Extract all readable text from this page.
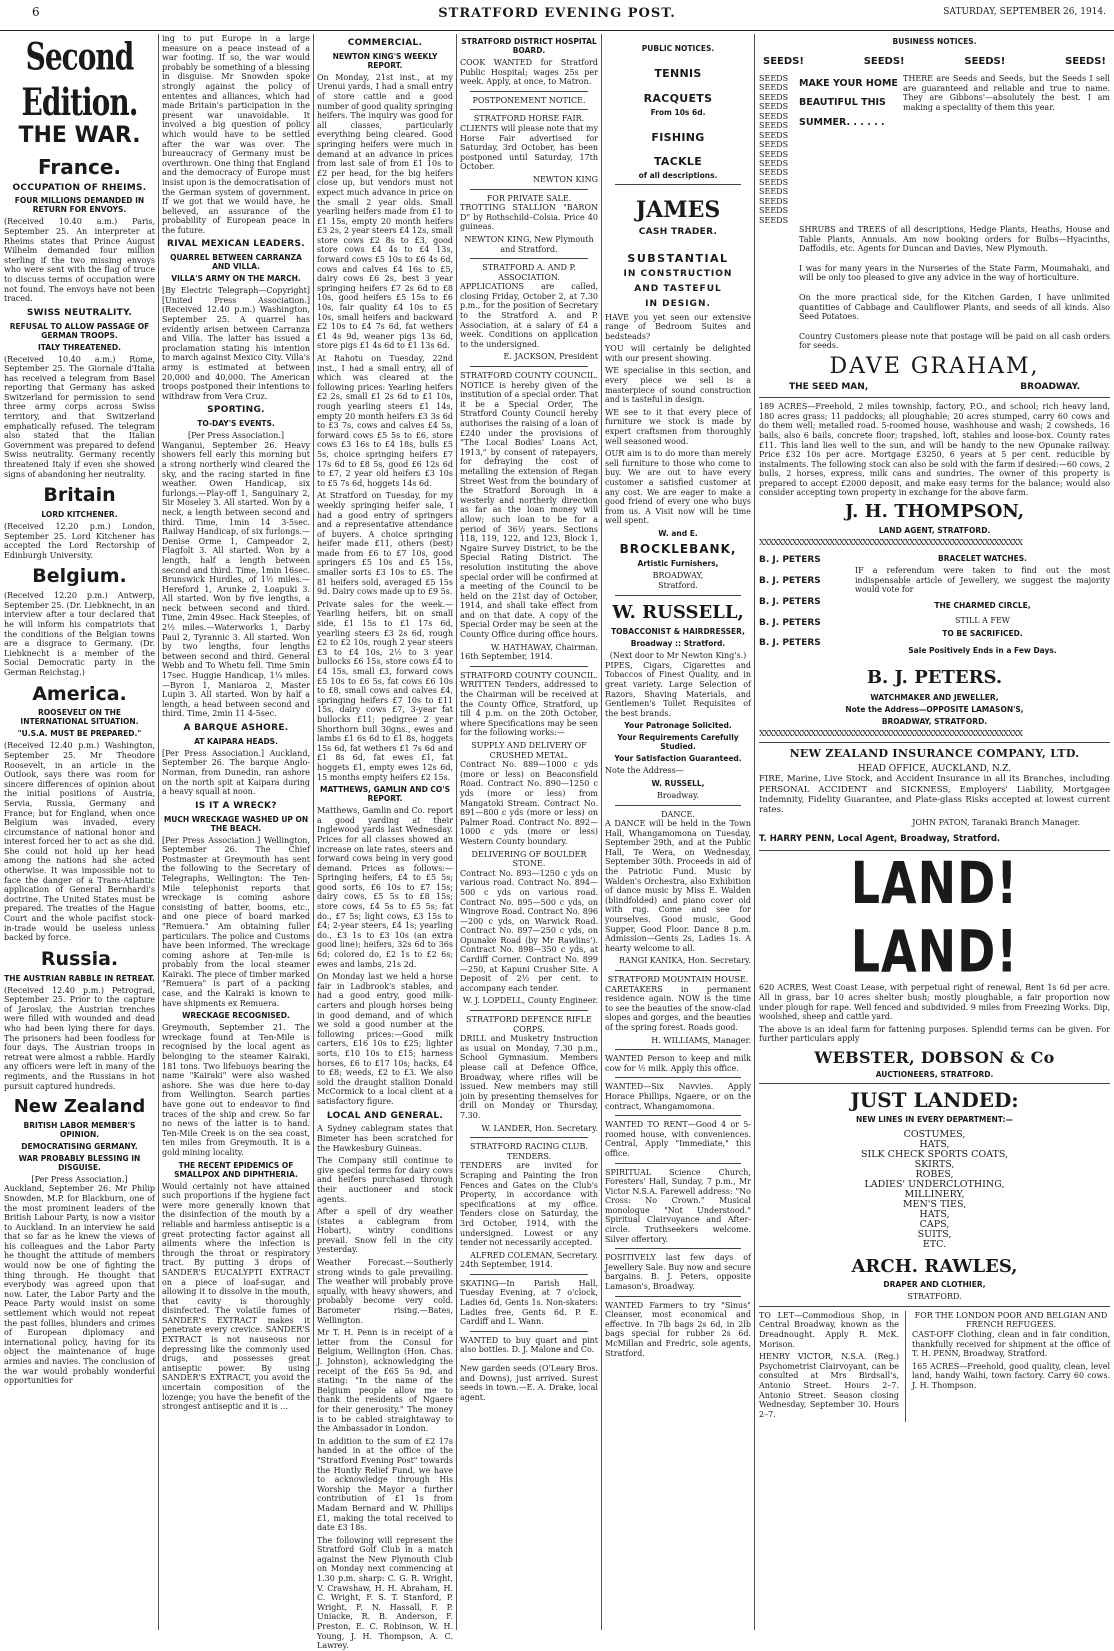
6	STRATFORD EVENING POST.	SATURDAY, SEPTEMBER 26, 1914.
Second Edition.
THE WAR.
France.
OCCUPATION OF RHEIMS.
FOUR MILLIONS DEMANDED IN RETURN FOR ENVOYS.

(Received 10.40 a.m.) Paris, September 25. An interpreter at Rheims states that Prince August Wilhelm demanded four million sterling if the two missing envoys who were sent with the flag of truce to discuss terms of occupation were not found. The envoys have not been traced.

SWISS NEUTRALITY.
REFUSAL TO ALLOW PASSAGE OF GERMAN TROOPS.
ITALY THREATENED.

(Received 10.40 a.m.) Rome, September 25. The Giornale d'Italia has received a telegram from Basel reporting that Germany has asked Switzerland for permission to send three army corps across Swiss territory, and that Switzerland emphatically refused. The telegram also stated that the Italian Government was prepared to defend Swiss neutrality. Germany recently threatened Italy if even she showed signs of abandoning her neutrality.

Britain
LORD KITCHENER.

(Received 12.20 p.m.) London, September 25. Lord Kitchener has accepted the Lord Rectorship of Edinburgh University.

Belgium.

(Received 12.20 p.m.) Antwerp, September 25. (Dr. Liebknecht, in an interview after a tour declared that he will inform his compatriots that the conditions of the Belgian towns are a disgrace to Germany. (Dr. Liebknecht is a member of the Social Democratic party in the German Reichstag.)

America.
ROOSEVELT ON THE INTERNATIONAL SITUATION.
"U.S.A. MUST BE PREPARED."

(Received 12.40 p.m.) Washington, September 25. Mr Theodore Roosevelt, in an article in the Outlook, says there was room for sincere differences of opinion about the initial positions of Austria, Servia, Russia, Germany and France; but for England, when once Belgium was invaded, every circumstance of national honor and interest forced her to act as she did. She could not hold up her head among the nations had she acted otherwise. It was impossible not to face the danger of a Trans-Atlantic application of General Bernhardi's doctrine. The United States must be prepared. The treaties of the Hague Court and the whole pacifist stock-in-trade would be useless unless backed by force.

Russia.
THE AUSTRIAN RABBLE IN RETREAT.

(Received 12.40 p.m.) Petrograd, September 25. Prior to the capture of Jaroslav, the Austrian trenches were filled with wounded and dead who had been lying there for days. The prisoners had been foodless for four days. The Austrian troops in retreat were almost a rabble. Hardly any officers were left in many of the regiments, and the Russians in hot pursuit captured hundreds.

New Zealand
BRITISH LABOR MEMBER'S OPINION.
DEMOCRATISING GERMANY.
WAR PROBABLY BLESSING IN DISGUISE.
[Per Press Association.]

Auckland, September 26. Mr Philip Snowden, M.P. for Blackburn, one of the most prominent leaders of the British Labour Party, is now a visitor to Auckland. In an interview he said that so far as he knew the views of his colleagues and the Labor Party he thought the attitude of members would now be one of fighting the thing through. He thought that everybody was agreed upon that now. Later, the Labor Party and the Peace Party would insist on some settlement which would not repeat the past follies, blunders and crimes of European diplomacy and international policy, having for its object the maintenance of huge armies and navies. The conclusion of the war would probably wonderful opportunities for

ing to put Europe in a large measure on a peace instead of a war footing. If so, the war would probably be something of a blessing in disguise. Mr Snowden spoke strongly against the policy of ententes and alliances, which had made Britain's participation in the present war unavoidable. It involved a big question of policy which would have to be settled after the war was over. The bureaucracy of Germany must be overthrown. One thing that England and the democracy of Europe must insist upon is the democratisation of the German system of government. If we got that we would have, he believed, an assurance of the probability of European peace in the future.

RIVAL MEXICAN LEADERS.
QUARREL BETWEEN CARRANZA AND VILLA.
VILLA'S ARMY ON THE MARCH.

[By Electric Telegraph—Copyright] [United Press Association.] (Received 12.40 p.m.) Washington, September 25. A quarrel has evidently arisen between Carranza and Villa. The latter has issued a proclamation stating his intention to march against Mexico City. Villa's army is estimated at between 20,000 and 40,000. The American troops postponed their intentions to withdraw from Vera Cruz.

SPORTING.
TO-DAY'S EVENTS.
[Per Press Association.]

Wanganui, September 26. Heavy showers fell early this morning but a strong northerly wind cleared the sky, and the racing started in fine weather. Owen Handicap, six furlongs.—Play-off 1, Sanguinary 2, Sir Moseley 3. All started. Won by a neck, a length between second and third. Time, 1min 14 3-5sec. Railway Handicap, of six furlongs.—Denise Orme 1, Campeador 2, Flagfolt 3. All started. Won by a length, half a length between second and third. Time, 1min 16sec. Brunswick Hurdles, of 1½ miles.—Hereford 1, Arunke 2, Loapuki 3. All started. Won by five lengths, a neck between second and third. Time, 2min 49sec. Hack Steeples, of 2½ miles.—Waterworks 1, Darby Paul 2, Tyrannic 3. All started. Won by two lengths, four lengths between second and third. General Webb and To Whetu fell. Time 5min 17sec. Huggie Handicap, 1¼ miles.—Byron 1, Maniaroa 2, Master Lupin 3. All started. Won by half a length, a head between second and third. Time, 2min 11 4-5sec.

A BARQUE ASHORE.
AT KAIPARA HEADS.

[Per Press Association.] Auckland, September 26. The barque Anglo-Norman, from Dunedin, ran ashore on the north spit at Kaipara during a heavy squall at noon.

IS IT A WRECK?
MUCH WRECKAGE WASHED UP ON THE BEACH.

[Per Press Association.] Wellington, September 26. The Chief Postmaster at Greymouth has sent the following to the Secretary of Telegraphs, Wellington: The Ten-Mile telephonist reports that wreckage is coming ashore consisting of batter, booms, etc., and one piece of board marked "Remuera." Am obtaining fuller particulars. The police and Customs have been informed. The wreckage coming ashore at Ten-mile is probably from the local steamer Kairaki. The piece of timber marked "Remuera" is part of a packing case, and the Kairaki is known to have shipments ex Remuera.

WRECKAGE RECOGNISED.

Greymouth, September 21. The wreckage found at Ten-Mile is recognised by the local agent as belonging to the steamer Kairaki, 181 tons. Two lifebuoys bearing the name "Kairaki" were also washed ashore. She was due here to-day from Wellington. Search parties have gone out to endeavor to find traces of the ship and crew. So far no news of the latter is to hand. Ten-Mile Creek is on the sea coast, ten miles from Greymouth. It is a gold mining locality.

THE RECENT EPIDEMICS OF SMALLPOX AND DIPHTHERIA.

Would certainly not have attained such proportions if the hygiene fact were more generally known that the disinfection of the mouth by a reliable and harmless antiseptic is a great protecting factor against all ailments where the infection is through the throat or respiratory tract. By putting 3 drops of SANDER'S EUCALYPTI EXTRACT on a piece of loaf-sugar, and allowing it to dissolve in the mouth, that cavity is thoroughly disinfected. The volatile fumes of SANDER'S EXTRACT makes it penetrate every crevice. SANDER'S EXTRACT is not nauseous nor depressing like the commonly used drugs, and possesses great antiseptic power. By using SANDER'S EXTRACT, you avoid the uncertain composition of the lozenge; you have the benefit of the strongest antiseptic and it is ...

COMMERCIAL.
NEWTON KING'S WEEKLY REPORT.

On Monday, 21st inst., at my Urenui yards, I had a small entry of store cattle and a good number of good quality springing heifers. The inquiry was good for all classes, particularly everything being cleared. Good springing heifers were much in demand at an advance in prices from last sale of from £1 10s to £2 per head, for the big heifers close up, but vendors must not expect much advance in price on the small 2 year olds. Small yearling heifers made from £1 to £1 15s, empty 20 month heifers £3 2s, 2 year steers £4 12s, small store cows £2 8s to £3, good store cows £4 4s to £4 13s, forward cows £5 10s to £6 4s 6d, cows and calves £4 16s to £5, dairy cows £6 2s, best 3 year springing heifers £7 2s 6d to £8 10s, good heifers £5 15s to £6 10s, fair quality £4 10s to £5 10s, small heifers and backward £2 10s to £4 7s 6d, fat wethers £1 4s 9d, weaner pigs 13s 6d, store pigs £1 4s 6d to £1 13s 6d.

At Rahotu on Tuesday, 22nd inst., I had a small entry, all of which was cleared at the following prices: Yearling heifers £2 2s, small £1 2s 6d to £1 10s, rough yearling steers £1 14s, empty 20 month heifers £3 3s 6d to £3 7s, cows and calves £4 5s, forward cows £5 5s to £6, store cows £3 16s to £4 18s, bulls £5 5s, choice springing heifers £7 17s 6d to £8 5s, good £6 12s 6d to £7, 2 year old heifers £3 10s to £5 7s 6d, hoggets 14s 6d.

At Stratford on Tuesday, for my weekly springing heifer sale, I had a good entry of springers and a representative attendance of buyers. A choice springing heifer made £11, others (best) made from £6 to £7 10s, good springers £5 10s and £5 15s, smaller sorts £3 10s to £5. The 81 heifers sold, averaged £5 15s 9d. Dairy cows made up to £9 5s.

Private sales for the week.—Yearling heifers, bit on small side, £1 15s to £1 17s 6d, yearling steers £3 2s 6d, rough £2 to £2 10s, rough 2 year steers £3 to £4 10s, 2½ to 3 year bullocks £6 15s, store cows £4 to £4 15s, small £3, forward cows £5 10s to £6 5s, fat cows £6 10s to £8, small cows and calves £4, springing heifers £7 10s to £11 15s, dairy cows £7, 3-year fat bullocks £11; pedigree 2 year Shorthorn bull 30gns., ewes and lambs £1 6s 6d to £1 8s, hoggets 15s 6d, fat wethers £1 7s 6d and £1 8s 6d, fat ewes £1, fat hoggets £1, empty ewes 12s 6d, 15 months empty heifers £2 15s.

MATTHEWS, GAMLIN AND CO'S REPORT.

Matthews, Gamlin and Co. report a good yarding at their Inglewood yards last Wednesday. Prices for all classes showed an increase on late rates, steers and forward cows being in very good demand. Prices as follows:—Springing heifers, £4 to £5 5s; good sorts, £6 10s to £7 15s; dairy cows, £5 5s to £8 15s; store cows, £4 5s to £5 5s; fat do., £7 5s; light cows, £3 15s to £4; 2-year steers, £4 1s; yearling do., £3 1s to £3 10s (an extra good line); heifers, 32s 6d to 36s 6d; colored do, £2 1s to £2 6s; ewes and lambs, 21s 2d.

On Monday last we held a horse fair in Ladbrook's stables, and had a good entry, good milk-carters and plough horses being in good demand, and of which we sold a good number at the following prices:—Good milk carters, £16 10s to £25; lighter sorts, £10 10s to £15; harness horses, £6 to £17 10s; hacks, £4 to £8; weeds, £2 to £3. We also sold the draught stallion Donald McCormick to a local client at a satisfactory figure.

LOCAL AND GENERAL.

A Sydney cablegram states that Bimeter has been scratched for the Hawkesbury Guineas.

The Company still continue to give special terms for dairy cows and heifers purchased through their auctioneer and stock agents.

After a spell of dry weather (states a cablegram from Hobart), wintry conditions prevail. Snow fell in the city yesterday.

Weather Forecast.—Southerly strong winds to gale prevailing. The weather will probably prove squally, with heavy showers, and probably become very cold. Barometer rising.—Bates, Wellington.

Mr T. H. Penn is in receipt of a letter from the Consul for Belgium, Wellington (Hon. Chas. J. Johnston), acknowledging the receipt of the £65 5s 9d, and stating: "In the name of the Belgium people allow me to thank the residents of Ngaere for their generosity." The money is to be cabled straightaway to the Ambassador in London.

In addition to the sum of £2 17s handed in at the office of the "Stratford Evening Post" towards the Huntly Relief Fund, we have to acknowledge through His Worship the Mayor a further contribution of £1 1s from Madam Bernard and W. Phillips £1, making the total received to date £3 18s.

The following will represent the Stratford Golf Club in a match against the New Plymouth Club on Monday next commencing at 1.30 p.m. sharp: C. G. R. Wright, V. Crawshaw, H. H. Abraham, H. C. Wright, F. S. T. Stanford, P. Wright, F. N. Hassall, F. P. Uniacke, R. B. Anderson, F. Preston, E. C. Robinson, W. H. Young, J. H. Thompson, A. C. Lawrey.

STRATFORD DISTRICT HOSPITAL BOARD.

COOK WANTED for Stratford Public Hospital; wages 25s per week. Apply, at once, to Matron.

POSTPONEMENT NOTICE.
STRATFORD HORSE FAIR.

CLIENTS will please note that my Horse Fair advertised for Saturday, 3rd October, has been postponed until Saturday, 17th October.

NEWTON KING
FOR PRIVATE SALE.

TROTTING STALLION "BARON D" by Rothschild–Colsia. Price 40 guineas.

NEWTON KING, New Plymouth and Stratford.
STRATFORD A. AND P. ASSOCIATION.

APPLICATIONS are called, closing Friday, October 2, at 7.30 p.m., for the position of Secretary to the Stratford A. and P. Association, at a salary of £4 a week. Conditions on application to the undersigned.

E. JACKSON, President
STRATFORD COUNTY COUNCIL.

NOTICE is hereby given of the institution of a special order. That it be a Special Order, The Stratford County Council hereby authorises the raising of a loan of £240 under the provisions of "The Local Bodies' Loans Act, 1913," by consent of ratepayers, for defraying the cost of metalling the extension of Regan Street West from the boundary of the Stratford Borough in a westerly and northerly direction as far as the loan money will allow; such loan to be for a period of 36½ years. Sections 118, 119, 122, and 123, Block 1, Ngaire Survey District, to be the Special Rating District. The resolution instituting the above special order will be confirmed at a meeting of the Council to be held on the 21st day of October, 1914, and shall take effect from and on that date. A copy of the Special Order may be seen at the County Office during office hours.

W. HATHAWAY, Chairman.
16th September, 1914.
STRATFORD COUNTY COUNCIL.

WRITTEN Tenders, addressed to the Chairman will be received at the County Office, Stratford, up till 4 p.m. on the 20th October, where Specifications may be seen for the following works:—

SUPPLY AND DELIVERY OF CRUSHED METAL.

Contract No. 889—1000 c yds (more or less) on Beaconsfield Road. Contract No. 890—1250 c yds (more or less) from Mangatoki Stream. Contract No. 891—800 c yds (more or less) on Palmer Road. Contract No. 892—1000 c yds (more or less) Western County boundary.

DELIVERING OF BOULDER STONE.

Contract No. 893—1250 c yds on various road. Contract No. 894—500 c yds on various road. Contract No. 895—500 c yds, on Wingrove Road. Contract No. 896—200 c yds, on Warwick Road. Contract No. 897—250 c yds, on Opunake Road (by Mr Rawlins'). Contract No. 898—350 c yds, at Cardiff Corner. Contract No. 899—250, at Kapuni Crusher Site. A Deposit of 2½ per cent. to accompany each tender.

W. J. LOPDELL, County Engineer.
STRATFORD DEFENCE RIFLE CORPS.

DRILL and Musketry Instruction as usual on Monday, 7.30 p.m., School Gymnasium. Members please call at Defence Office, Broadway, where rifles will be issued. New members may still join by presenting themselves for drill on Monday or Thursday, 7.30.

W. LANDER, Hon. Secretary.
STRATFORD RACING CLUB.
TENDERS.

TENDERS are invited for Scraping and Painting the Iron Fences and Gates on the Club's Property, in accordance with specifications at my office. Tenders close on Saturday, the 3rd October, 1914, with the undersigned. Lowest or any tender not necessarily accepted.

ALFRED COLEMAN, Secretary.
24th September, 1914.

SKATING—In Parish Hall, Tuesday Evening, at 7 o'clock, Ladies 6d, Gents 1s. Non-skaters: Ladies free, Gents 6d. P. E. Cardiff and L. Wann.

WANTED to buy quart and pint also bottles. D. J. Malone and Co.

New garden seeds (O'Leary Bros. and Downs), just arrived. Surest seeds in town.—E. A. Drake, local agent.

PUBLIC NOTICES.
TENNIS
RACQUETS
From 10s 6d.
FISHING
TACKLE
of all descriptions.
JAMES
CASH TRADER.
SUBSTANTIAL
IN CONSTRUCTION
AND TASTEFUL
IN DESIGN.

HAVE you yet seen our extensive range of Bedroom Suites and bedsteads?

YOU will certainly be delighted with our present showing.

WE specialise in this section, and every piece we sell is a masterpiece of sound construction and is tasteful in design.

WE see to it that every piece of furniture we stock is made by expert craftsmen from thoroughly well seasoned wood.

OUR aim is to do more than merely sell furniture to those who come to buy. We are out to have every customer a satisfied customer at any cost. We are eager to make a good friend of every one who buys from us. A Visit now will be time well spent.

W. and E.
BROCKLEBANK,
Artistic Furnishers,
BROADWAY,
Stratford.
W. RUSSELL,
TOBACCONIST & HAIRDRESSER,
Broadway :: Stratford.
(Next door to Mr Newton King's.)

PIPES, Cigars, Cigarettes and Tobaccos of Finest Quality, and in great variety. Large Selection of Razors, Shaving Materials, and Gentlemen's Toilet Requisites of the best brands.

Your Patronage Solicited.
Your Requirements Carefully Studied.
Your Satisfaction Guaranteed.
Note the Address—
W. RUSSELL,
Broadway.
DANCE.

A DANCE will be held in the Town Hall, Whangamomona on Tuesday, September 29th, and at the Public Hall, Te Wera, on Wednesday, September 30th. Proceeds in aid of the Patriotic Fund. Music by Walden's Orchestra, also Exhibition of dance music by Miss E. Walden (blindfolded) and piano cover old with rug. Come and see for yourselves. Good music, Good Supper, Good Floor. Dance 8 p.m. Admission—Gents 2s, Ladies 1s. A hearty welcome to all.

RANGI KANIKA, Hon. Secretary.
STRATFORD MOUNTAIN HOUSE.

CARETAKERS in permanent residence again. NOW is the time to see the beauties of the snow-clad slopes and gorges, and the beauties of the spring forest. Roads good.

H. WILLIAMS, Manager.

WANTED Person to keep and milk cow for ½ milk. Apply this office.

WANTED—Six Navvies. Apply Horace Phillips, Ngaere, or on the contract, Whangamomona.

WANTED TO RENT—Good 4 or 5-roomed house, with conveniences. Central, Apply "Immediate," this office.

SPIRITUAL Science Church, Foresters' Hall, Sunday, 7 p.m., Mr Victor N.S.A. Farewell address: "No Cross: No Crown." Musical monologue "Not Understood." Spiritual Clairvoyance and After-circle. Truthseekers welcome. Silver offertory.

POSITIVELY last few days of Jewellery Sale. Buy now and secure bargains. B. J. Peters, opposite Lamason's, Broadway.

WANTED Farmers to try "Sinus" Cleanser, most economical and effective. In 7lb bags 2s 6d, in 2lb bags special for rubber 2s 6d. McMillan and Fredric, sole agents, Stratford.

BUSINESS NOTICES.
SEEDS!	SEEDS!	SEEDS!	SEEDS!
SEEDS
SEEDS
SEEDS
SEEDS
SEEDS
SEEDS
SEEDS
SEEDS
SEEDS
SEEDS
SEEDS
SEEDS
SEEDS
SEEDS
SEEDS
SEEDS
MAKE YOUR HOME
BEAUTIFUL THIS
SUMMER. . . . . .

THERE are Seeds and Seeds, but the Seeds I sell are guaranteed and reliable and true to name. They are Gibbons'—absolutely the best. I am making a speciality of them this year.

SHRUBS and TREES of all descriptions, Hedge Plants, Heaths, House and Table Plants, Annuals. Am now booking orders for Bulbs—Hyacinths, Daffodils, etc. Agents for Duncan and Davies, New Plymouth.

I was for many years in the Nurseries of the State Farm, Moumahaki, and will be only too pleased to give any advice in the way of horticulture.

On the more practical side, for the Kitchen Garden, I have unlimited quantities of Cabbage and Cauliflower Plants, and seeds of all kinds. Also Seed Potatoes.

Country Customers please note that postage will be paid on all cash orders for seeds.

DAVE GRAHAM,
THE SEED MAN,	BROADWAY.

189 ACRES—Freehold, 2 miles township, factory, P.O., and school; rich heavy land, 180 acres grass; 11 paddocks; all ploughable; 20 acres stumped, carry 60 cows and do them well; metalled road. 5-roomed house, washhouse and wash; 2 cowsheds, 16 bails, also 6 bails, concrete floor; trapshed, loft, stables and loose-box. County rates £11. This land lies well to the sun, and will be handy to the new Opunake railway. Price £32 10s per acre. Mortgage £3250, 6 years at 5 per cent. reducible by instalments. The following stock can also be sold with the farm if desired:—60 cows, 2 bulls, 2 horses, express, milk cans and sundries. The owner of this property is prepared to accept £2000 deposit, and make easy terms for the balance; would also consider accepting town property in exchange for the above farm.

J. H. THOMPSON,
LAND AGENT, STRATFORD.
XXXXXXXXXXXXXXXXXXXXXXXXXXXXXXXXXXXXXXXXXXXXXXXXXXXXXXXX
B. J. PETERS
B. J. PETERS
B. J. PETERS
B. J. PETERS
B. J. PETERS
BRACELET WATCHES.

IF a referendum were taken to find out the most indispensable article of Jewellery, we suggest the majority would vote for

THE CHARMED CIRCLE,
STILL A FEW
TO BE SACRIFICED.
Sale Positively Ends in a Few Days.
B. J. PETERS.
WATCHMAKER AND JEWELLER,
Note the Address—OPPOSITE LAMASON'S,
BROADWAY, STRATFORD.
XXXXXXXXXXXXXXXXXXXXXXXXXXXXXXXXXXXXXXXXXXXXXXXXXXXXXXXX
NEW ZEALAND INSURANCE COMPANY, LTD.
HEAD OFFICE, AUCKLAND, N.Z.

FIRE, Marine, Live Stock, and Accident Insurance in all its Branches, including PERSONAL ACCIDENT and SICKNESS, Employers' Liability, Mortgagee Indemnity, Fidelity Guarantee, and Plate-glass Risks accepted at lowest current rates.

JOHN PATON, Taranaki Branch Manager.
T. HARRY PENN, Local Agent, Broadway, Stratford.
LAND! LAND!

620 ACRES, West Coast Lease, with perpetual right of renewal, Rent 1s 6d per acre. All in grass, bar 10 acres shelter bush; mostly ploughable, a fair proportion now under plough for rape. Well fenced and subdivided. 9 miles from Freezing Works. Dip, woolshed, sheep and cattle yard.

The above is an ideal farm for fattening purposes. Splendid terms can be given. For further particulars apply

WEBSTER, DOBSON & Co
AUCTIONEERS, STRATFORD.
JUST LANDED:
NEW LINES IN EVERY DEPARTMENT:—
COSTUMES,
HATS,
SILK CHECK SPORTS COATS,
SKIRTS,
ROBES,
LADIES' UNDERCLOTHING,
MILLINERY,
MEN'S TIES,
HATS,
CAPS,
SUITS,
ETC.
ARCH. RAWLES,
DRAPER AND CLOTHIER,
STRATFORD.

TO LET—Commodious Shop, in Central Broadway, known as the Dreadnought. Apply R. McK. Morison.

HENRY VICTOR, N.S.A. (Reg.) Psychometrist Clairvoyant, can be consulted at Mrs Birdsall's, Antonio Street. Hours 2–7. Antonio Street. Season closing Wednesday, September 30. Hours 2–7.

FOR THE LONDON POOR AND BELGIAN AND FRENCH REFUGEES.

CAST-OFF Clothing, clean and in fair condition, thankfully received for shipment at the office of T. H. PENN, Broadway, Stratford.

165 ACRES—Freehold, good quality, clean, level land, handy Waihi, town factory. Carry 60 cows. J. H. Thompson.
